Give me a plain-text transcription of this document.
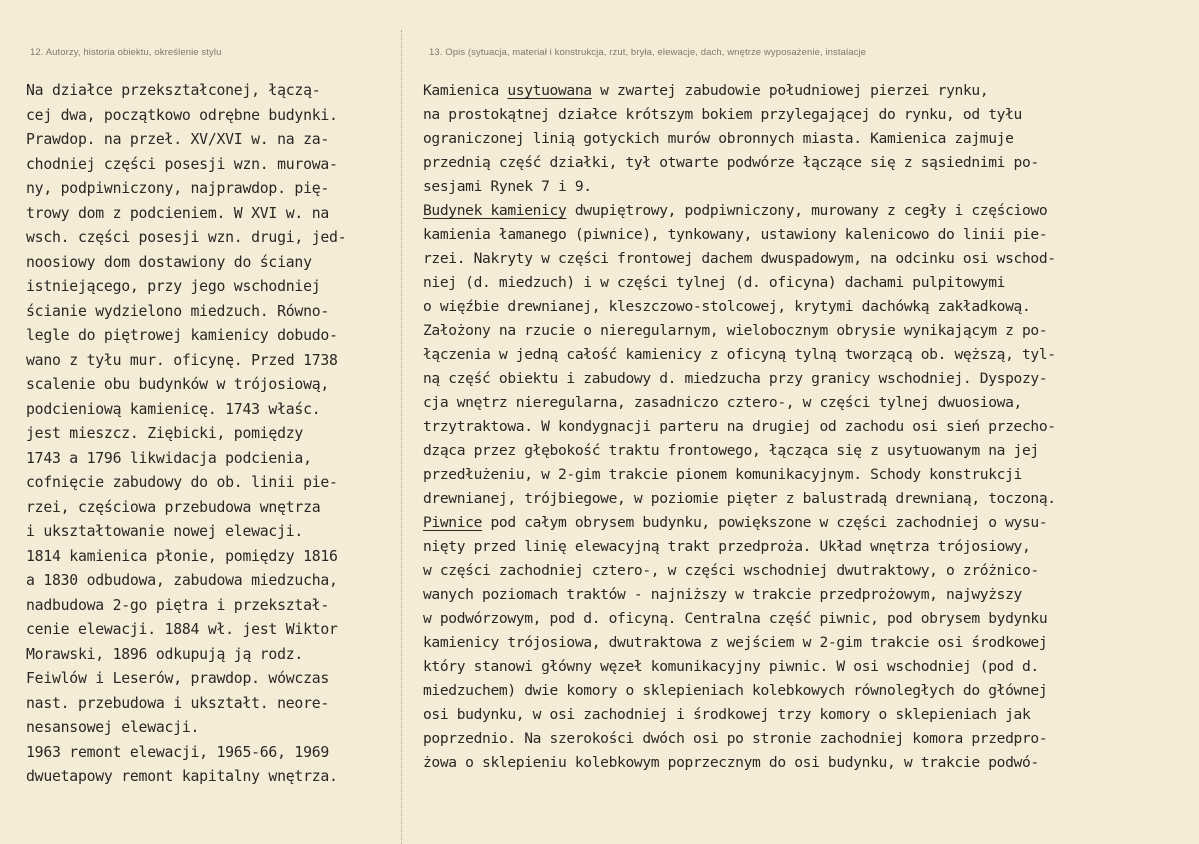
12. Autorzy, historia obiektu, określenie stylu	13. Opis (sytuacja, materiał i konstrukcja, rzut, bryła, elewacje, dach, wnętrze wyposażenie, instalacje
Na działce przekształconej, łączą-
cej dwa, początkowo odrębne budynki.
Prawdop. na przeł. XV/XVI w. na za-
chodniej części posesji wzn. murowa-
ny, podpiwniczony, najprawdop. pię-
trowy dom z podcieniem. W XVI w. na
wsch. części posesji wzn. drugi, jed-
noosiowy dom dostawiony do ściany
istniejącego, przy jego wschodniej
ścianie wydzielono miedzuch. Równo-
legle do piętrowej kamienicy dobudo-
wano z tyłu mur. oficynę. Przed 1738
scalenie obu budynków w trójosiową,
podcieniową kamienicę. 1743 właśc.
jest mieszcz. Ziębicki, pomiędzy
1743 a 1796 likwidacja podcienia,
cofnięcie zabudowy do ob. linii pie-
rzei, częściowa przebudowa wnętrza
i ukształtowanie nowej elewacji.
1814 kamienica płonie, pomiędzy 1816
a 1830 odbudowa, zabudowa miedzucha,
nadbudowa 2-go piętra i przekształ-
cenie elewacji. 1884 wł. jest Wiktor
Morawski, 1896 odkupują ją rodz.
Feiwlów i Leserów, prawdop. wówczas
nast. przebudowa i ukształt. neore-
nesansowej elewacji.
1963 remont elewacji, 1965-66, 1969
dwuetapowy remont kapitalny wnętrza.
Kamienica usytuowana w zwartej zabudowie południowej pierzei rynku,
na prostokątnej działce krótszym bokiem przylegającej do rynku, od tyłu
ograniczonej linią gotyckich murów obronnych miasta. Kamienica zajmuje
przednią część działki, tył otwarte podwórze łączące się z sąsiednimi po-
sesjami Rynek 7 i 9.
Budynek kamienicy dwupiętrowy, podpiwniczony, murowany z cegły i częściowo
kamienia łamanego (piwnice), tynkowany, ustawiony kalenicowo do linii pie-
rzei. Nakryty w części frontowej dachem dwuspadowym, na odcinku osi wschod-
niej (d. miedzuch) i w części tylnej (d. oficyna) dachami pulpitowymi
o więźbie drewnianej, kleszczowo-stolcowej, krytymi dachówką zakładkową.
Założony na rzucie o nieregularnym, wielobocznym obrysie wynikającym z po-
łączenia w jedną całość kamienicy z oficyną tylną tworzącą ob. węższą, tyl-
ną część obiektu i zabudowy d. miedzucha przy granicy wschodniej. Dyspozy-
cja wnętrz nieregularna, zasadniczo cztero-, w części tylnej dwuosiowa,
trzytraktowa. W kondygnacji parteru na drugiej od zachodu osi sień przecho-
dząca przez głębokość traktu frontowego, łącząca się z usytuowanym na jej
przedłużeniu, w 2-gim trakcie pionem komunikacyjnym. Schody konstrukcji
drewnianej, trójbiegowe, w poziomie pięter z balustradą drewnianą, toczoną.
Piwnice pod całym obrysem budynku, powiększone w części zachodniej o wysu-
nięty przed linię elewacyjną trakt przedproża. Układ wnętrza trójosiowy,
w części zachodniej cztero-, w części wschodniej dwutraktowy, o zróżnico-
wanych poziomach traktów - najniższy w trakcie przedprożowym, najwyższy
w podwórzowym, pod d. oficyną. Centralna część piwnic, pod obrysem bydynku
kamienicy trójosiowa, dwutraktowa z wejściem w 2-gim trakcie osi środkowej
który stanowi główny węzeł komunikacyjny piwnic. W osi wschodniej (pod d.
miedzuchem) dwie komory o sklepieniach kolebkowych równoległych do głównej
osi budynku, w osi zachodniej i środkowej trzy komory o sklepieniach jak
poprzednio. Na szerokości dwóch osi po stronie zachodniej komora przedpro-
żowa o sklepieniu kolebkowym poprzecznym do osi budynku, w trakcie podwó-
